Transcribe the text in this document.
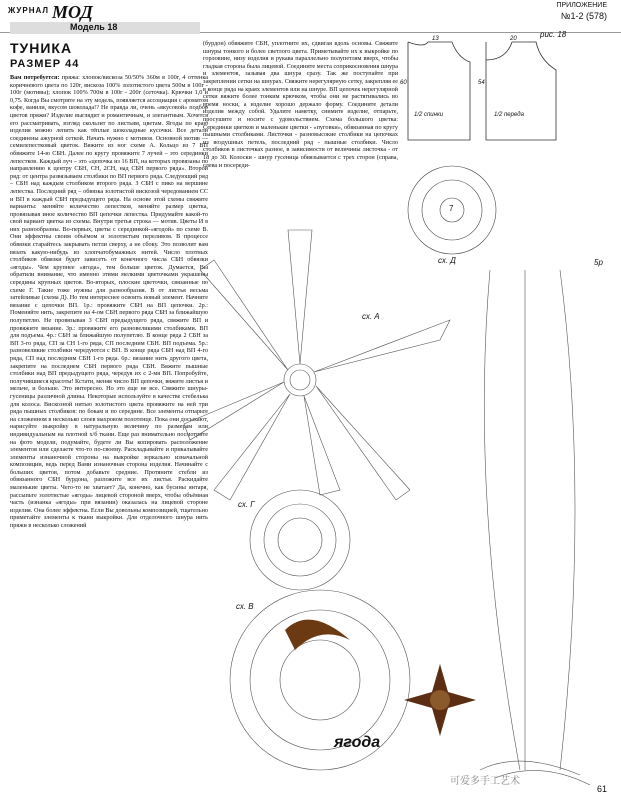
ЖУРНАЛ МОД	ПРИЛОЖЕНИЕ
№1-2 (578)
Модель 18
ТУНИКА
РАЗМЕР 44
Вам потребуется: пряжа: хлопок/вискоза 50/50% 360м в 100г, 4 оттенка коричневого цвета по 120г, вискоза 100% золотистого цвета 500м в 100г - 100г (мотивы); хлопок 100% 700м в 100г - 200г (сеточка). Крючки 1,0 и 0,75. Когда Вы смотрите на эту модель, появляется ассоциация с ароматом кофе, ванили, вкусом шоколада!? Не правда ли, очень «вкусовой» подбор цветов пряжи? Изделие выглядит и романтичным, и элегантным. Хочется его рассматривать, взгляд скользит по листьям, цветам. Ягоды по краю изделия можно лепить как тёплые шоколадные кусочки. Все детали соединены ажурной сеткой. Начать нужно с мотивов. Основной мотив — семилепестковый цветок. Вяжите из ног схеме А. Кольцо из 7 ВП обвяжите 14-ю СБН. Далее по кругу провяжите 7 лучей – это серединки лепестков. Каждый луч – это «цепочка из 16 ВП, на которых провязаны по направлению к центру СБН, СН, 2СН, над СБН первого ряда». Второй ряд: от центра развязываем столбики по ВП первого ряда. Следующий ряд – СБН над каждым столбиком второго ряда. З СБН с пико на вершине лепестка. Последний ряд – обвязка золотистой вискозой чередованием СС и ВП в каждый СБН предыдущего ряда. На основе этой схемы свяжите варианты: меняйте количество лепестков, меняйте размер цветка, провязывая иное количество ВП цепочки лепестка. Придумайте какой-то свой вариант цветка из схемы. Внутри третья строка — мотив. Цветы И в них разнообразны. Во-первых, цветы с серединкой-«ягодой» по схеме В. Они эффектны своим объёмом и золотистым переливом. В процессе обвязки старайтесь закрывать петли сверху, а не сбоку. Это позволит вам вязать какую-нибудь из хлопчатобумажных нитей. Число плотных столбиков обвязки будет зависеть от конечного числа СБН обвязки «ягоды». Чем крупнее «ягода», тем больше цветок. Думается, Вы обратили внимание, что именно этими мелкими цветочками украшены середины крупных цветов. Во-вторых, плоские цветочки, связанные по схеме Г. Такие тоже нужны для разнообразия. В от листья весьма затейливые (схема Д). Но тем интереснее освоить новый элемент. Начните вязание с цепочки ВП. 1р.: провяжите СБН на ВП цепочки. 2р.: Поменяйте нить, закрепите на 4-ом СБН первого ряда СБН за ближайшую полупетлю. Не провязывая 3 СБН предыдущего ряда, свяжите ВП и провяжите вязание. 3р.: провяжите его разновеликими столбиками. ВП для подъема. 4р.: СБН за ближайшую полупетлю. В конце ряда 2 СБН за ВП 3-го ряда, СП за СН 1-го ряда, СП последним СБН. ВП подъема. 5р.: разновеликие столбики чередуются с ВП. В конце ряда СБН над ВП 4-го ряда, СП над последним СБН 1-го ряда. 6р.: вязание нить другого цвета, закрепите на последнем СБН первого ряда СБН. Вяжите пышные столбики над ВП предыдущего ряда, чередуя их с 2-мя ВП. Попробуйте, получившиеся красоты! Кстати, меняя число ВП цепочки, вяжите листья и мельче, и больше. Это интересно. Но это еще не все. Свяжите шнуры-гусеницы различной длины. Некоторые используйте в качестве стебелька для колоса. Вискозной нитью золотистого цвета провяжите на ней три ряда пышных столбиков: по бокам и по середине. Все элементы отпарьте на сложенном в несколько слоев махровом полотенце. Пока они досыхают, нарисуйте выкройку в натуральную величину по размерам или индивидуальным на плотной х/б ткани. Еще раз внимательно посмотрите на фото модели, подумайте, будете ли Вы копировать расположение элементов или сделаете что-то по-своему. Раскладывайте и прикалывайте элементы изнаночной стороны на выкройке зеркально изначальной композиции, ведь перед Вами изнаночная сторона изделия. Начинайте с больших цветов, потом добавьте средние. Протяните стебли из обвязанного СБН бурдона, разложите все их листья. Раскидайте маленькие цветы. Чего-то не хватает? Да, конечно, как бусины янтаря, рассыпьте золотистые «ягоды» лицевой стороной вверх, чтобы объёмная часть (изнанка «ягоды» при вязании) оказалась на лицевой стороне изделия. Она более эффектна. Если Вы довольны композицией, тщательно приметайте элементы к ткани выкройки. Для отделочного шнура нить пряжи в несколько сложений
(бурдон) обвяжите СБН, уплотните их, сдвигая вдоль основы. Свяжите шнуры тонкого и более светлого цвета. Приметывайте их к выкройке по горловине, низу изделия и рукава параллельно полупетлям вверх, чтобы гладкая сторона была лицевой. Соедините места соприкосновения шнура и элементов, зазывая два шнура сразу. Так же поступайте при закреплении сетки на шнурах. Свяжите нерегулярную сетку, закрепляя ее в конце ряда на краях элементов или на шнуре. ВП цепочек нерегулярной сетки вяжите более тонким крючком, чтобы они не растягивались во время носки, а изделие хорошо держало форму. Соедините детали изделия между собой. Удалите наметку, снимите изделие, отпарьте, просушите и носите с удовольствием. Схема большого цветка: Серединки цветков и маленькие цветки - «пуговки», обвязанная по кругу пышными столбиками. Листочки - разновысокие столбики на цепочках из воздушных петель, последний ряд - пышные столбики. Число столбиков в листочках разное, в зависимости от величины листочка - от 18 до 30. Колоски - шнур гусеница обвязывается с трех сторон (справа, слева и посереди-
рис. 18
1/2 спинки	1/2 переда
60	54
13	20
сх. А
сх. Г
сх. В
сх. Д	5р
7
ягода
可爱多手工艺术
61
